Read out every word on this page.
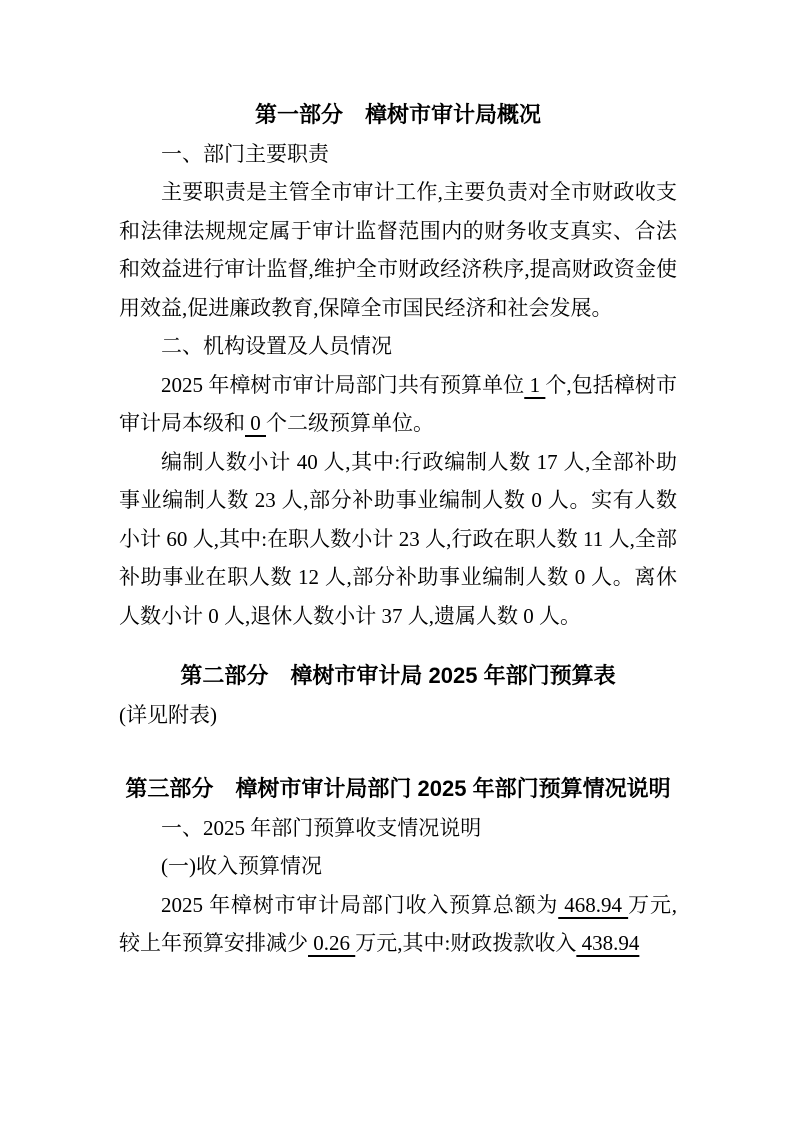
第一部分　樟树市审计局概况
一、部门主要职责

主要职责是主管全市审计工作,主要负责对全市财政收支和法律法规规定属于审计监督范围内的财务收支真实、合法和效益进行审计监督,维护全市财政经济秩序,提高财政资金使用效益,促进廉政教育,保障全市国民经济和社会发展。

二、机构设置及人员情况

2025 年樟树市审计局部门共有预算单位 1 个,包括樟树市审计局本级和 0 个二级预算单位。

编制人数小计 40 人,其中:行政编制人数 17 人,全部补助事业编制人数 23 人,部分补助事业编制人数 0 人。实有人数小计 60 人,其中:在职人数小计 23 人,行政在职人数 11 人,全部补助事业在职人数 12 人,部分补助事业编制人数 0 人。离休人数小计 0 人,退休人数小计 37 人,遗属人数 0 人。

第二部分　樟树市审计局 2025 年部门预算表

(详见附表)

第三部分　樟树市审计局部门 2025 年部门预算情况说明
一、2025 年部门预算收支情况说明
(一)收入预算情况

2025 年樟树市审计局部门收入预算总额为 468.94 万元,较上年预算安排减少 0.26 万元,其中:财政拨款收入 438.94
